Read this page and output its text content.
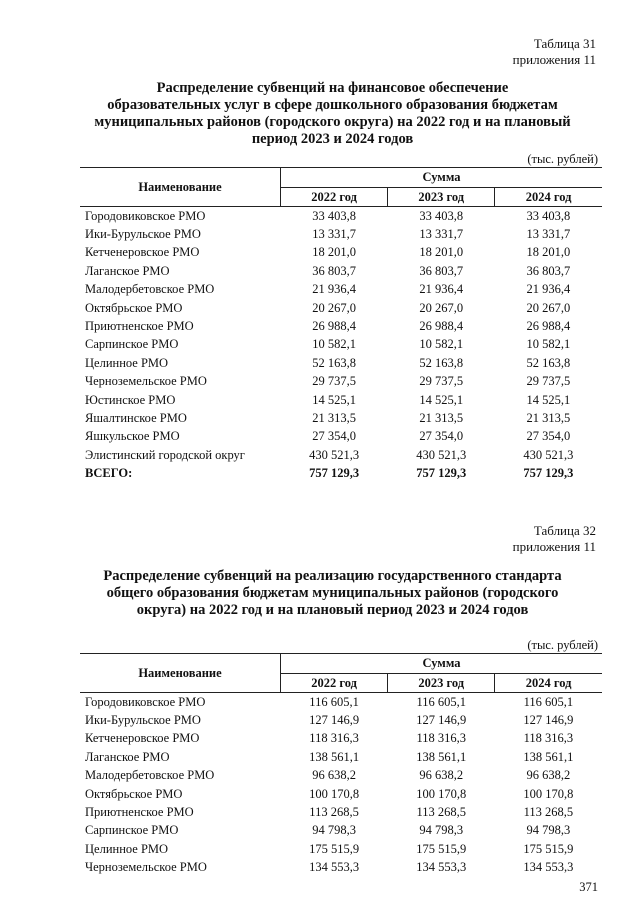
Таблица 31
приложения 11
Распределение субвенций на финансовое обеспечение
образовательных услуг в сфере дошкольного образования бюджетам
муниципальных районов (городского округа) на 2022 год и на плановый
период 2023 и 2024 годов
(тыс. рублей)
Наименование	Сумма		
	2022 год	2023 год	2024 год
Городовиковское РМО	33 403,8	33 403,8	33 403,8
Ики-Бурульское РМО	13 331,7	13 331,7	13 331,7
Кетченеровское РМО	18 201,0	18 201,0	18 201,0
Лаганское РМО	36 803,7	36 803,7	36 803,7
Малодербетовское РМО	21 936,4	21 936,4	21 936,4
Октябрьское РМО	20 267,0	20 267,0	20 267,0
Приютненское РМО	26 988,4	26 988,4	26 988,4
Сарпинское РМО	10 582,1	10 582,1	10 582,1
Целинное РМО	52 163,8	52 163,8	52 163,8
Черноземельское РМО	29 737,5	29 737,5	29 737,5
Юстинское РМО	14 525,1	14 525,1	14 525,1
Яшалтинское РМО	21 313,5	21 313,5	21 313,5
Яшкульское РМО	27 354,0	27 354,0	27 354,0
Элистинский городской округ	430 521,3	430 521,3	430 521,3
ВСЕГО:	757 129,3	757 129,3	757 129,3
Таблица 32
приложения 11
Распределение субвенций на реализацию государственного стандарта
общего образования бюджетам муниципальных районов (городского
округа) на 2022 год и на плановый период 2023 и 2024 годов
(тыс. рублей)
Наименование	Сумма		
	2022 год	2023 год	2024 год
Городовиковское РМО	116 605,1	116 605,1	116 605,1
Ики-Бурульское РМО	127 146,9	127 146,9	127 146,9
Кетченеровское РМО	118 316,3	118 316,3	118 316,3
Лаганское РМО	138 561,1	138 561,1	138 561,1
Малодербетовское РМО	96 638,2	96 638,2	96 638,2
Октябрьское РМО	100 170,8	100 170,8	100 170,8
Приютненское РМО	113 268,5	113 268,5	113 268,5
Сарпинское РМО	94 798,3	94 798,3	94 798,3
Целинное РМО	175 515,9	175 515,9	175 515,9
Черноземельское РМО	134 553,3	134 553,3	134 553,3
371
